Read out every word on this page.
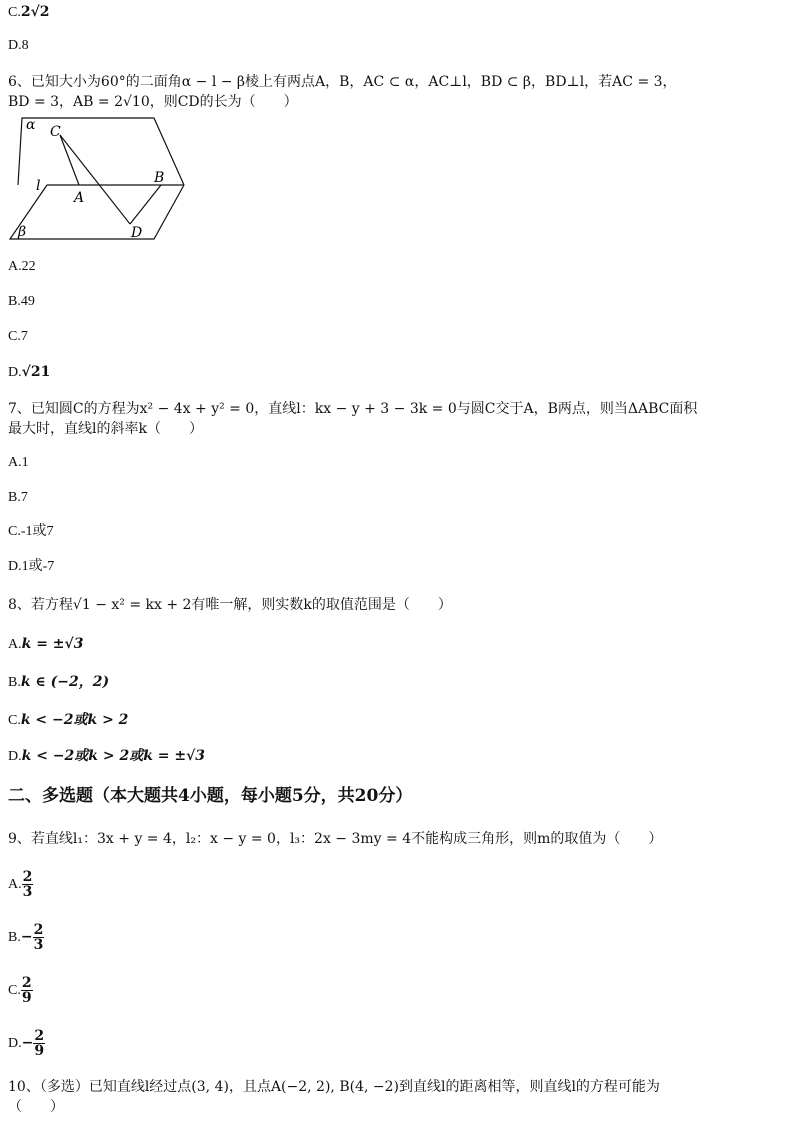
C.2√2
D.8
6、已知大小为60°的二面角α − l − β棱上有两点A，B，AC ⊂ α，AC⊥l，BD ⊂ β，BD⊥l，若AC = 3，
BD = 3，AB = 2√10，则CD的长为（　　）
α C
l
A
B
D
β
A.22
B.49
C.7
D.√21
7、已知圆C的方程为x² − 4x + y² = 0，直线l：kx − y + 3 − 3k = 0与圆C交于A，B两点，则当ΔABC面积
最大时，直线l的斜率k（　　）
A.1
B.7
C.-1或7
D.1或-7
8、若方程√1 − x² = kx + 2有唯一解，则实数k的取值范围是（　　）
A.k = ±√3
B.k ∈ (−2，2)
C.k < −2或k > 2
D.k < −2或k > 2或k = ±√3
二、多选题（本大题共4小题，每小题5分，共20分）
9、若直线l₁：3x + y = 4，l₂：x − y = 0，l₃：2x − 3my = 4不能构成三角形，则m的取值为（　　）
A. $\frac{2}{3}$
$B.- \frac{2}{3}$
C. $\frac{2}{9}$
$D.- \frac{2}{9}$
10、（多选）已知直线l经过点(3, 4)，且点A(−2, 2), B(4, −2)到直线l的距离相等，则直线l的方程可能为
（　　）
